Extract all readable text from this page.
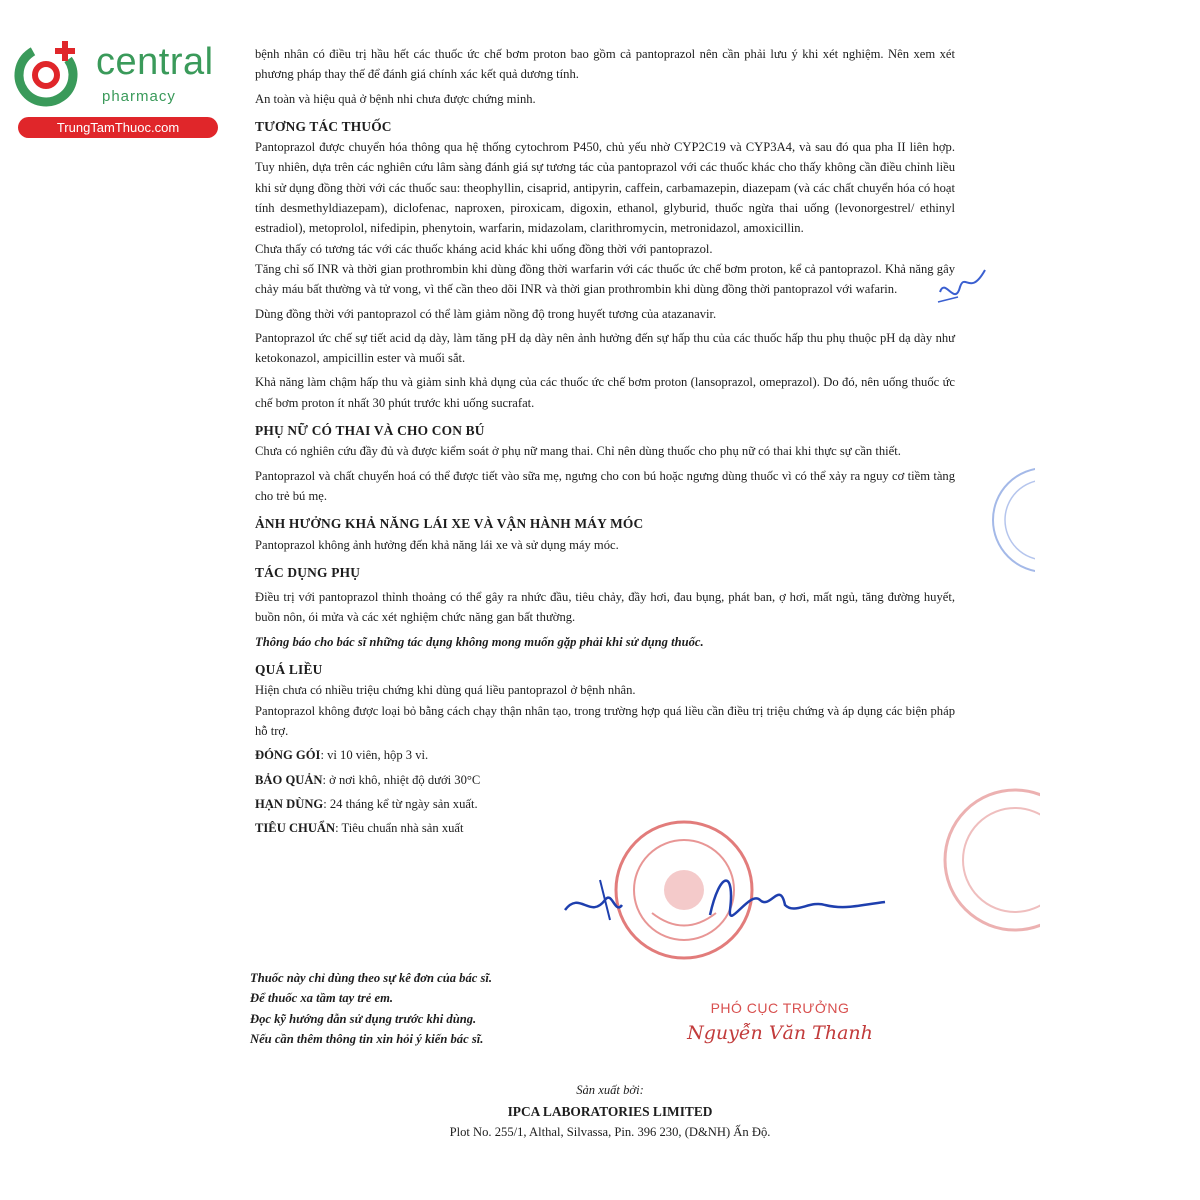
central
pharmacy
TrungTamThuoc.com

bệnh nhân có điều trị hầu hết các thuốc ức chế bơm proton bao gồm cả pantoprazol nên cần phải lưu ý khi xét nghiệm. Nên xem xét phương pháp thay thế để đánh giá chính xác kết quả dương tính.

An toàn và hiệu quả ở bệnh nhi chưa được chứng minh.

TƯƠNG TÁC THUỐC

Pantoprazol được chuyển hóa thông qua hệ thống cytochrom P450, chủ yếu nhờ CYP2C19 và CYP3A4, và sau đó qua pha II liên hợp. Tuy nhiên, dựa trên các nghiên cứu lâm sàng đánh giá sự tương tác của pantoprazol với các thuốc khác cho thấy không cần điều chỉnh liều khi sử dụng đồng thời với các thuốc sau: theophyllin, cisaprid, antipyrin, caffein, carbamazepin, diazepam (và các chất chuyển hóa có hoạt tính desmethyldiazepam), diclofenac, naproxen, piroxicam, digoxin, ethanol, glyburid, thuốc ngừa thai uống (levonorgestrel/ ethinyl estradiol), metoprolol, nifedipin, phenytoin, warfarin, midazolam, clarithromycin, metronidazol, amoxicillin.

Chưa thấy có tương tác với các thuốc kháng acid khác khi uống đồng thời với pantoprazol.

Tăng chỉ số INR và thời gian prothrombin khi dùng đồng thời warfarin với các thuốc ức chế bơm proton, kể cả pantoprazol. Khả năng gây chảy máu bất thường và tử vong, vì thế cần theo dõi INR và thời gian prothrombin khi dùng đồng thời pantoprazol với wafarin.

Dùng đồng thời với pantoprazol có thể làm giảm nồng độ trong huyết tương của atazanavir.

Pantoprazol ức chế sự tiết acid dạ dày, làm tăng pH dạ dày nên ảnh hưởng đến sự hấp thu của các thuốc hấp thu phụ thuộc pH dạ dày như ketokonazol, ampicillin ester và muối sắt.

Khả năng làm chậm hấp thu và giảm sinh khả dụng của các thuốc ức chế bơm proton (lansoprazol, omeprazol). Do đó, nên uống thuốc ức chế bơm proton ít nhất 30 phút trước khi uống sucrafat.

PHỤ NỮ CÓ THAI VÀ CHO CON BÚ

Chưa có nghiên cứu đầy đủ và được kiểm soát ở phụ nữ mang thai. Chỉ nên dùng thuốc cho phụ nữ có thai khi thực sự cần thiết.

Pantoprazol và chất chuyển hoá có thể được tiết vào sữa mẹ, ngưng cho con bú hoặc ngưng dùng thuốc vì có thể xảy ra nguy cơ tiềm tàng cho trẻ bú mẹ.

ẢNH HƯỞNG KHẢ NĂNG LÁI XE VÀ VẬN HÀNH MÁY MÓC

Pantoprazol không ảnh hưởng đến khả năng lái xe và sử dụng máy móc.

TÁC DỤNG PHỤ

Điều trị với pantoprazol thỉnh thoảng có thể gây ra nhức đầu, tiêu chảy, đầy hơi, đau bụng, phát ban, ợ hơi, mất ngủ, tăng đường huyết, buồn nôn, ói mửa và các xét nghiệm chức năng gan bất thường.

Thông báo cho bác sĩ những tác dụng không mong muốn gặp phải khi sử dụng thuốc.

QUÁ LIỀU

Hiện chưa có nhiều triệu chứng khi dùng quá liều pantoprazol ở bệnh nhân.

Pantoprazol không được loại bỏ bằng cách chạy thận nhân tạo, trong trường hợp quá liều cần điều trị triệu chứng và áp dụng các biện pháp hỗ trợ.

ĐÓNG GÓI: vỉ 10 viên, hộp 3 vỉ.

BẢO QUẢN: ở nơi khô, nhiệt độ dưới 30°C

HẠN DÙNG: 24 tháng kể từ ngày sản xuất.

TIÊU CHUẨN: Tiêu chuẩn nhà sản xuất

Thuốc này chỉ dùng theo sự kê đơn của bác sĩ.
Để thuốc xa tầm tay trẻ em.
Đọc kỹ hướng dẫn sử dụng trước khi dùng.
Nếu cần thêm thông tin xin hỏi ý kiến bác sĩ.
PHÓ CỤC TRƯỞNG
Nguyễn Văn Thanh
Sản xuất bởi:
IPCA LABORATORIES LIMITED
Plot No. 255/1, Althal, Silvassa, Pin. 396 230, (D&NH) Ấn Độ.
